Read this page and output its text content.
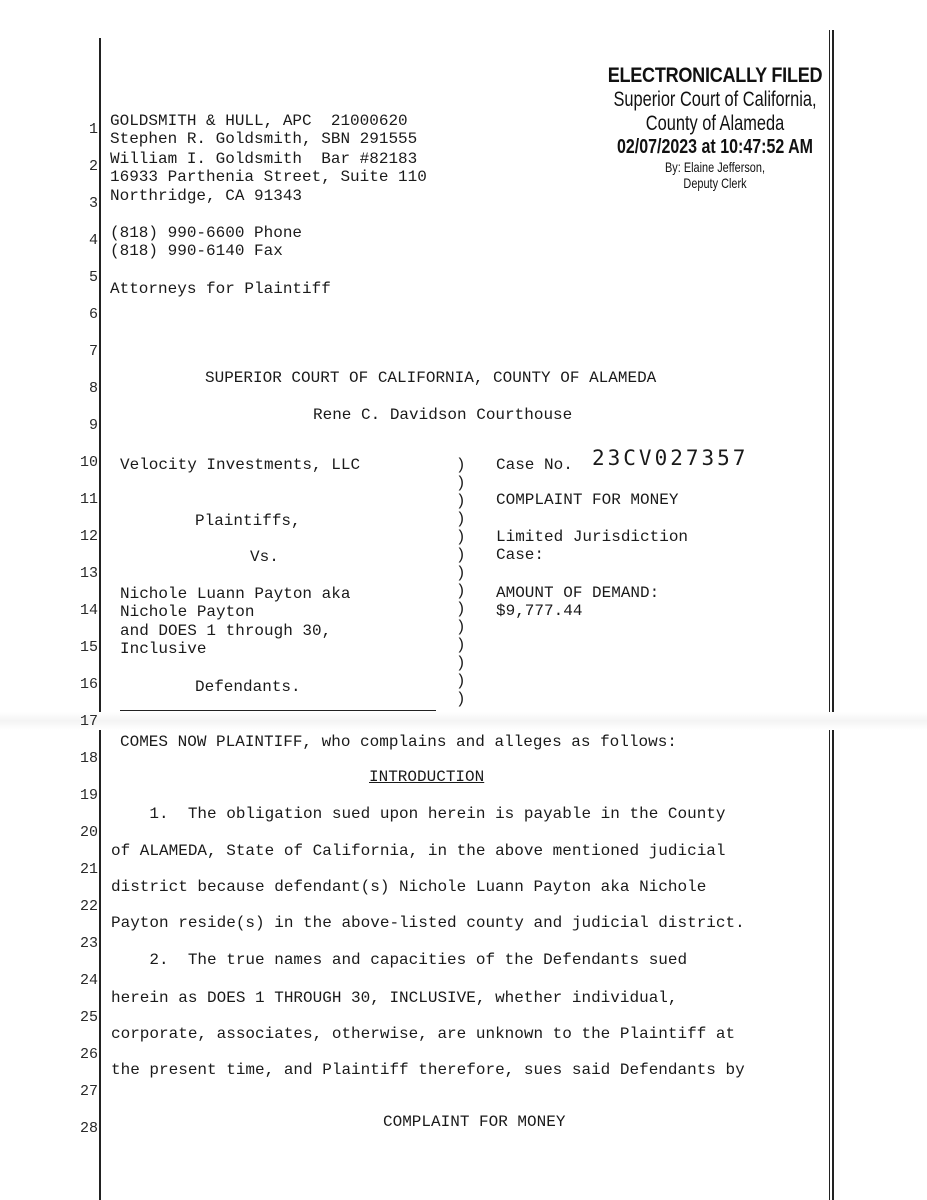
1
2
3
4
5
6
7
8
9
10
11
12
13
14
15
16
17
18
19
20
21
22
23
24
25
26
27
28
ELECTRONICALLY FILED
Superior Court of California,
County of Alameda
02/07/2023 at 10:47:52 AM
By: Elaine Jefferson,
Deputy Clerk
GOLDSMITH & HULL, APC  21000620
Stephen R. Goldsmith, SBN 291555
William I. Goldsmith  Bar #82183
16933 Parthenia Street, Suite 110
Northridge, CA 91343
(818) 990-6600 Phone
(818) 990-6140 Fax
Attorneys for Plaintiff
SUPERIOR COURT OF CALIFORNIA, COUNTY OF ALAMEDA
Rene C. Davidson Courthouse
Velocity Investments, LLC
Plaintiffs,
Vs.
Nichole Luann Payton aka
Nichole Payton
and DOES 1 through 30,
Inclusive
Defendants.
)
)
)
)
)
)
)
)
)
)
)
)
)
)
Case No. 23CV027357
COMPLAINT FOR MONEY
Limited Jurisdiction
Case:
AMOUNT OF DEMAND:
$9,777.44
COMES NOW PLAINTIFF, who complains and alleges as follows:
INTRODUCTION
1.  The obligation sued upon herein is payable in the County
of ALAMEDA, State of California, in the above mentioned judicial
district because defendant(s) Nichole Luann Payton aka Nichole
Payton reside(s) in the above-listed county and judicial district.
2.  The true names and capacities of the Defendants sued
herein as DOES 1 THROUGH 30, INCLUSIVE, whether individual,
corporate, associates, otherwise, are unknown to the Plaintiff at
the present time, and Plaintiff therefore, sues said Defendants by
COMPLAINT FOR MONEY
